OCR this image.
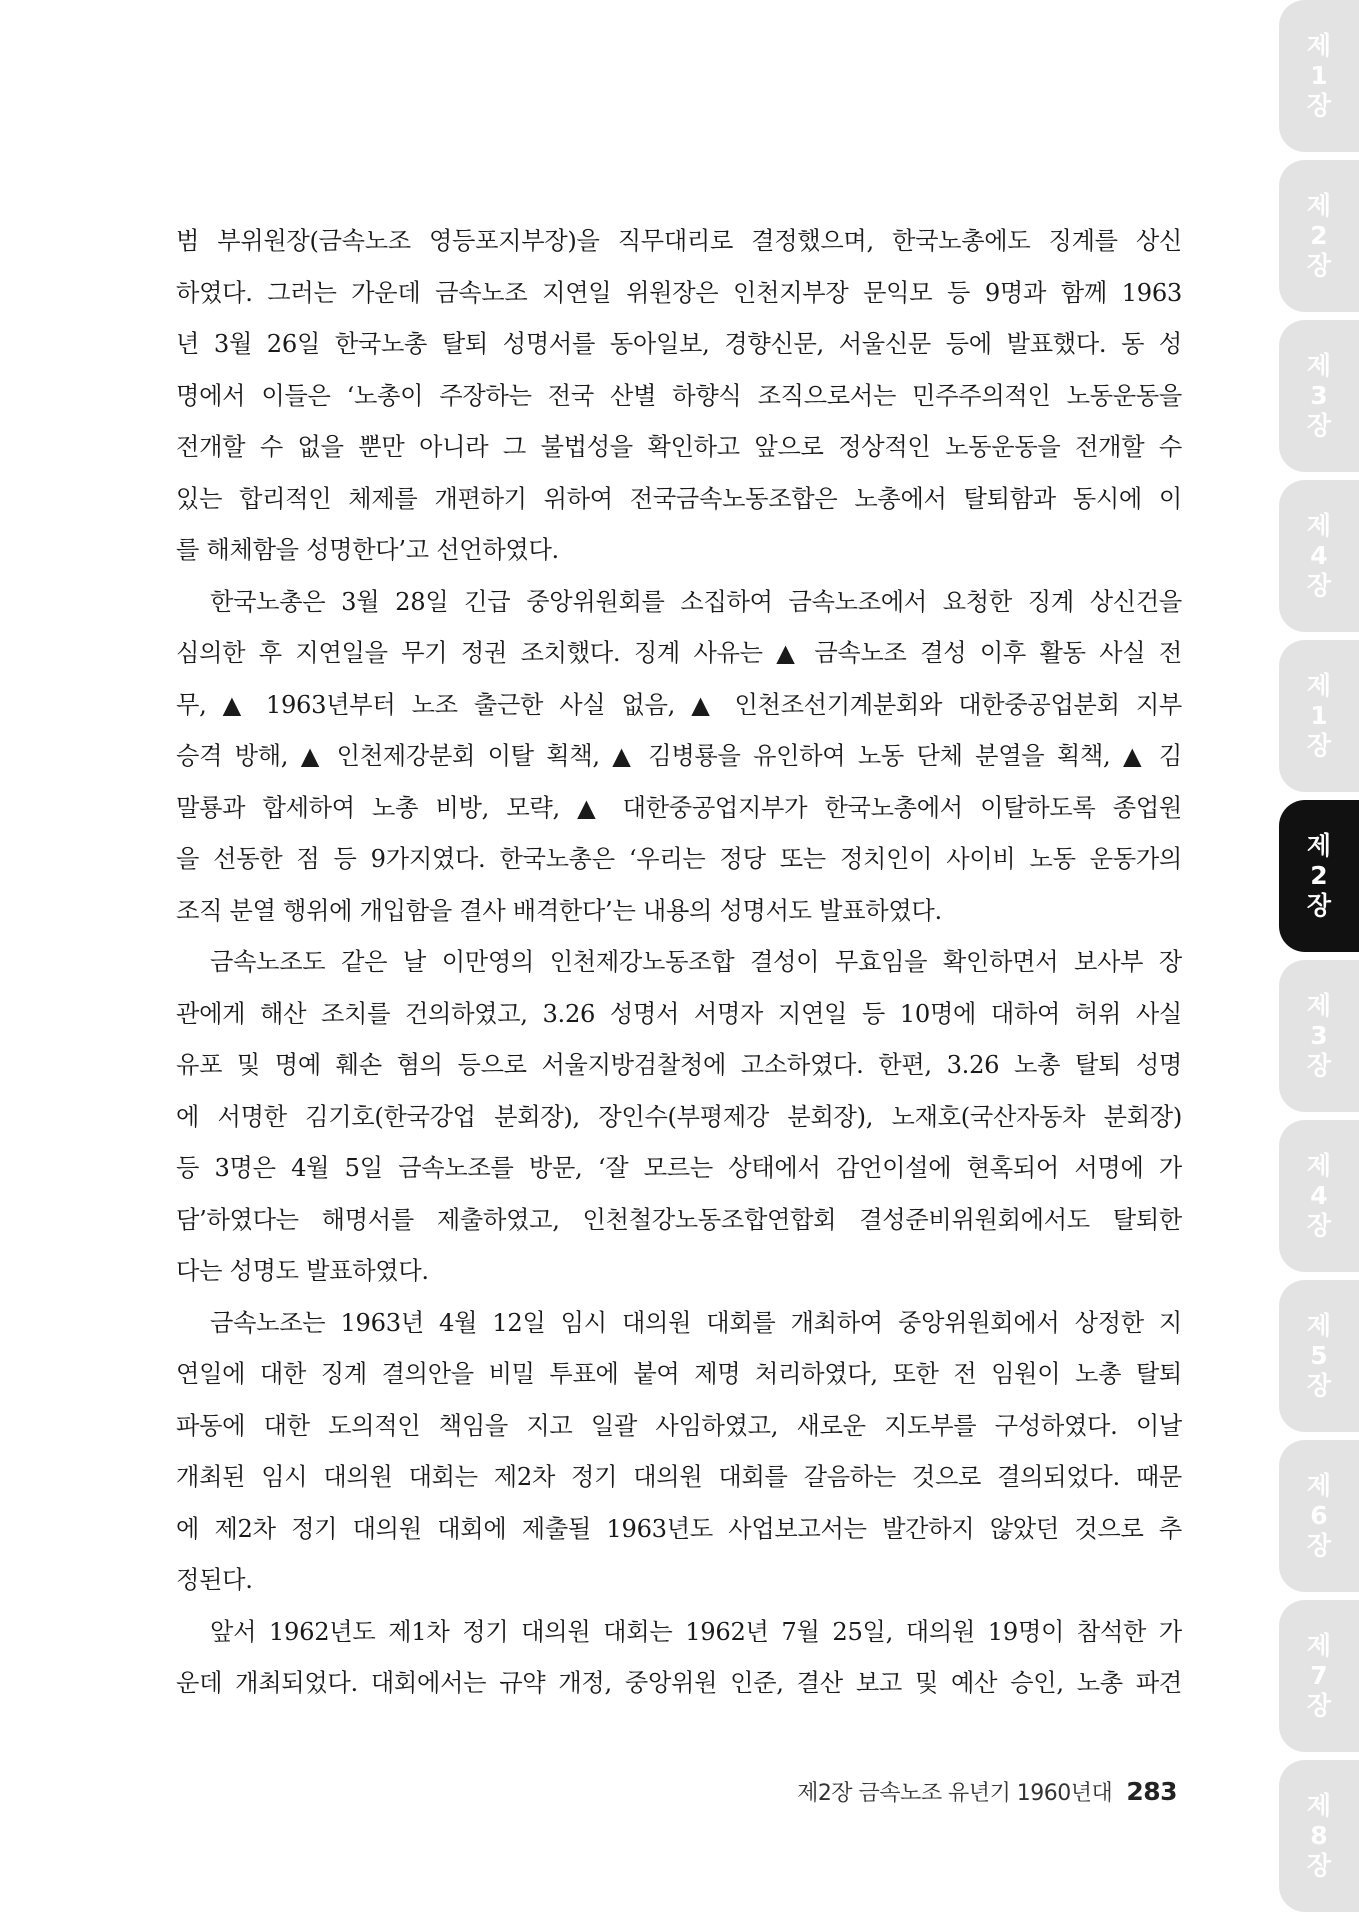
범 부위원장(금속노조 영등포지부장)을 직무대리로 결정했으며, 한국노총에도 징계를 상신
하였다. 그러는 가운데 금속노조 지연일 위원장은 인천지부장 문익모 등 9명과 함께 1963
년 3월 26일 한국노총 탈퇴 성명서를 동아일보, 경향신문, 서울신문 등에 발표했다. 동 성
명에서 이들은 ‘노총이 주장하는 전국 산별 하향식 조직으로서는 민주주의적인 노동운동을
전개할 수 없을 뿐만 아니라 그 불법성을 확인하고 앞으로 정상적인 노동운동을 전개할 수
있는 합리적인 체제를 개편하기 위하여 전국금속노동조합은 노총에서 탈퇴함과 동시에 이
를 해체함을 성명한다’고 선언하였다.
한국노총은 3월 28일 긴급 중앙위원회를 소집하여 금속노조에서 요청한 징계 상신건을
심의한 후 지연일을 무기 정권 조치했다. 징계 사유는 ▲ 금속노조 결성 이후 활동 사실 전
무, ▲ 1963년부터 노조 출근한 사실 없음, ▲ 인천조선기계분회와 대한중공업분회 지부
승격 방해, ▲ 인천제강분회 이탈 획책, ▲ 김병룡을 유인하여 노동 단체 분열을 획책, ▲ 김
말룡과 합세하여 노총 비방, 모략, ▲ 대한중공업지부가 한국노총에서 이탈하도록 종업원
을 선동한 점 등 9가지였다. 한국노총은 ‘우리는 정당 또는 정치인이 사이비 노동 운동가의
조직 분열 행위에 개입함을 결사 배격한다’는 내용의 성명서도 발표하였다.
금속노조도 같은 날 이만영의 인천제강노동조합 결성이 무효임을 확인하면서 보사부 장
관에게 해산 조치를 건의하였고, 3.26 성명서 서명자 지연일 등 10명에 대하여 허위 사실
유포 및 명예 훼손 혐의 등으로 서울지방검찰청에 고소하였다. 한편, 3.26 노총 탈퇴 성명
에 서명한 김기호(한국강업 분회장), 장인수(부평제강 분회장), 노재호(국산자동차 분회장)
등 3명은 4월 5일 금속노조를 방문, ‘잘 모르는 상태에서 감언이설에 현혹되어 서명에 가
담’하였다는 해명서를 제출하였고, 인천철강노동조합연합회 결성준비위원회에서도 탈퇴한
다는 성명도 발표하였다.
금속노조는 1963년 4월 12일 임시 대의원 대회를 개최하여 중앙위원회에서 상정한 지
연일에 대한 징계 결의안을 비밀 투표에 붙여 제명 처리하였다, 또한 전 임원이 노총 탈퇴
파동에 대한 도의적인 책임을 지고 일괄 사임하였고, 새로운 지도부를 구성하였다. 이날
개최된 임시 대의원 대회는 제2차 정기 대의원 대회를 갈음하는 것으로 결의되었다. 때문
에 제2차 정기 대의원 대회에 제출될 1963년도 사업보고서는 발간하지 않았던 것으로 추
정된다.
앞서 1962년도 제1차 정기 대의원 대회는 1962년 7월 25일, 대의원 19명이 참석한 가
운데 개최되었다. 대회에서는 규약 개정, 중앙위원 인준, 결산 보고 및 예산 승인, 노총 파견
제2장 금속노조 유년기 1960년대 283
제
1
장
제
2
장
제
3
장
제
4
장
제
1
장
제
2
장
제
3
장
제
4
장
제
5
장
제
6
장
제
7
장
제
8
장
